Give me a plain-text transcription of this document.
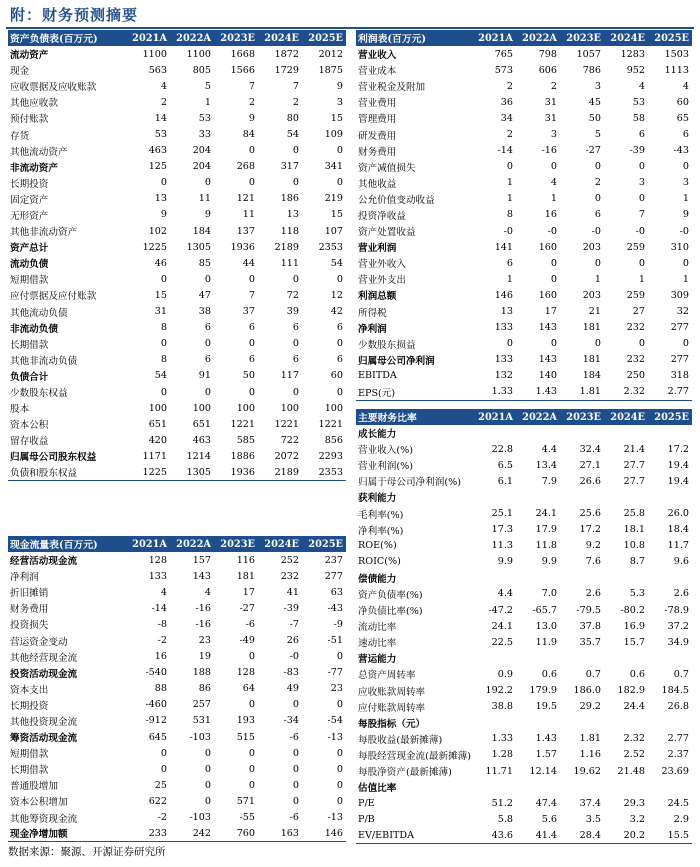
附：财务预测摘要
资产负债表(百万元)	2021A	2022A	2023E	2024E	2025E
流动资产	1100	1100	1668	1872	2012
现金	563	805	1566	1729	1875
应收票据及应收账款	4	5	7	7	9
其他应收款	2	1	2	2	3
预付账款	14	53	9	80	15
存货	53	33	84	54	109
其他流动资产	463	204	0	0	0
非流动资产	125	204	268	317	341
长期投资	0	0	0	0	0
固定资产	13	11	121	186	219
无形资产	9	9	11	13	15
其他非流动资产	102	184	137	118	107
资产总计	1225	1305	1936	2189	2353
流动负债	46	85	44	111	54
短期借款	0	0	0	0	0
应付票据及应付账款	15	47	7	72	12
其他流动负债	31	38	37	39	42
非流动负债	8	6	6	6	6
长期借款	0	0	0	0	0
其他非流动负债	8	6	6	6	6
负债合计	54	91	50	117	60
少数股东权益	0	0	0	0	0
股本	100	100	100	100	100
资本公积	651	651	1221	1221	1221
留存收益	420	463	585	722	856
归属母公司股东权益	1171	1214	1886	2072	2293
负债和股东权益	1225	1305	1936	2189	2353
利润表(百万元)	2021A	2022A	2023E	2024E	2025E
营业收入	765	798	1057	1283	1503
营业成本	573	606	786	952	1113
营业税金及附加	2	2	3	4	4
营业费用	36	31	45	53	60
管理费用	34	31	50	58	65
研发费用	2	3	5	6	6
财务费用	-14	-16	-27	-39	-43
资产减值损失	0	0	0	0	0
其他收益	1	4	2	3	3
公允价值变动收益	1	1	0	0	1
投资净收益	8	16	6	7	9
资产处置收益	-0	-0	-0	-0	-0
营业利润	141	160	203	259	310
营业外收入	6	0	0	0	0
营业外支出	1	0	1	1	1
利润总额	146	160	203	259	309
所得税	13	17	21	27	32
净利润	133	143	181	232	277
少数股东损益	0	0	0	0	0
归属母公司净利润	133	143	181	232	277
EBITDA	132	140	184	250	318
EPS(元)	1.33	1.43	1.81	2.32	2.77
主要财务比率	2021A	2022A	2023E	2024E	2025E
成长能力					
营业收入(%)	22.8	4.4	32.4	21.4	17.2
营业利润(%)	6.5	13.4	27.1	27.7	19.4
归属于母公司净利润(%)	6.1	7.9	26.6	27.7	19.4
获利能力					
毛利率(%)	25.1	24.1	25.6	25.8	26.0
净利率(%)	17.3	17.9	17.2	18.1	18.4
ROE(%)	11.3	11.8	9.2	10.8	11.7
ROIC(%)	9.9	9.9	7.6	8.7	9.6
偿债能力					
资产负债率(%)	4.4	7.0	2.6	5.3	2.6
净负债比率(%)	-47.2	-65.7	-79.5	-80.2	-78.9
流动比率	24.1	13.0	37.8	16.9	37.2
速动比率	22.5	11.9	35.7	15.7	34.9
营运能力					
总资产周转率	0.9	0.6	0.7	0.6	0.7
应收账款周转率	192.2	179.9	186.0	182.9	184.5
应付账款周转率	38.8	19.5	29.2	24.4	26.8
每股指标（元）					
每股收益(最新摊薄)	1.33	1.43	1.81	2.32	2.77
每股经营现金流(最新摊薄)	1.28	1.57	1.16	2.52	2.37
每股净资产(最新摊薄)	11.71	12.14	19.62	21.48	23.69
估值比率					
P/E	51.2	47.4	37.4	29.3	24.5
P/B	5.8	5.6	3.5	3.2	2.9
EV/EBITDA	43.6	41.4	28.4	20.2	15.5
现金流量表(百万元)	2021A	2022A	2023E	2024E	2025E
经营活动现金流	128	157	116	252	237
净利润	133	143	181	232	277
折旧摊销	4	4	17	41	63
财务费用	-14	-16	-27	-39	-43
投资损失	-8	-16	-6	-7	-9
营运资金变动	-2	23	-49	26	-51
其他经营现金流	16	19	0	-0	0
投资活动现金流	-540	188	128	-83	-77
资本支出	88	86	64	49	23
长期投资	-460	257	0	0	0
其他投资现金流	-912	531	193	-34	-54
筹资活动现金流	645	-103	515	-6	-13
短期借款	0	0	0	0	0
长期借款	0	0	0	0	0
普通股增加	25	0	0	0	0
资本公积增加	622	0	571	0	0
其他筹资现金流	-2	-103	-55	-6	-13
现金净增加额	233	242	760	163	146
数据来源：聚源、开源证券研究所
